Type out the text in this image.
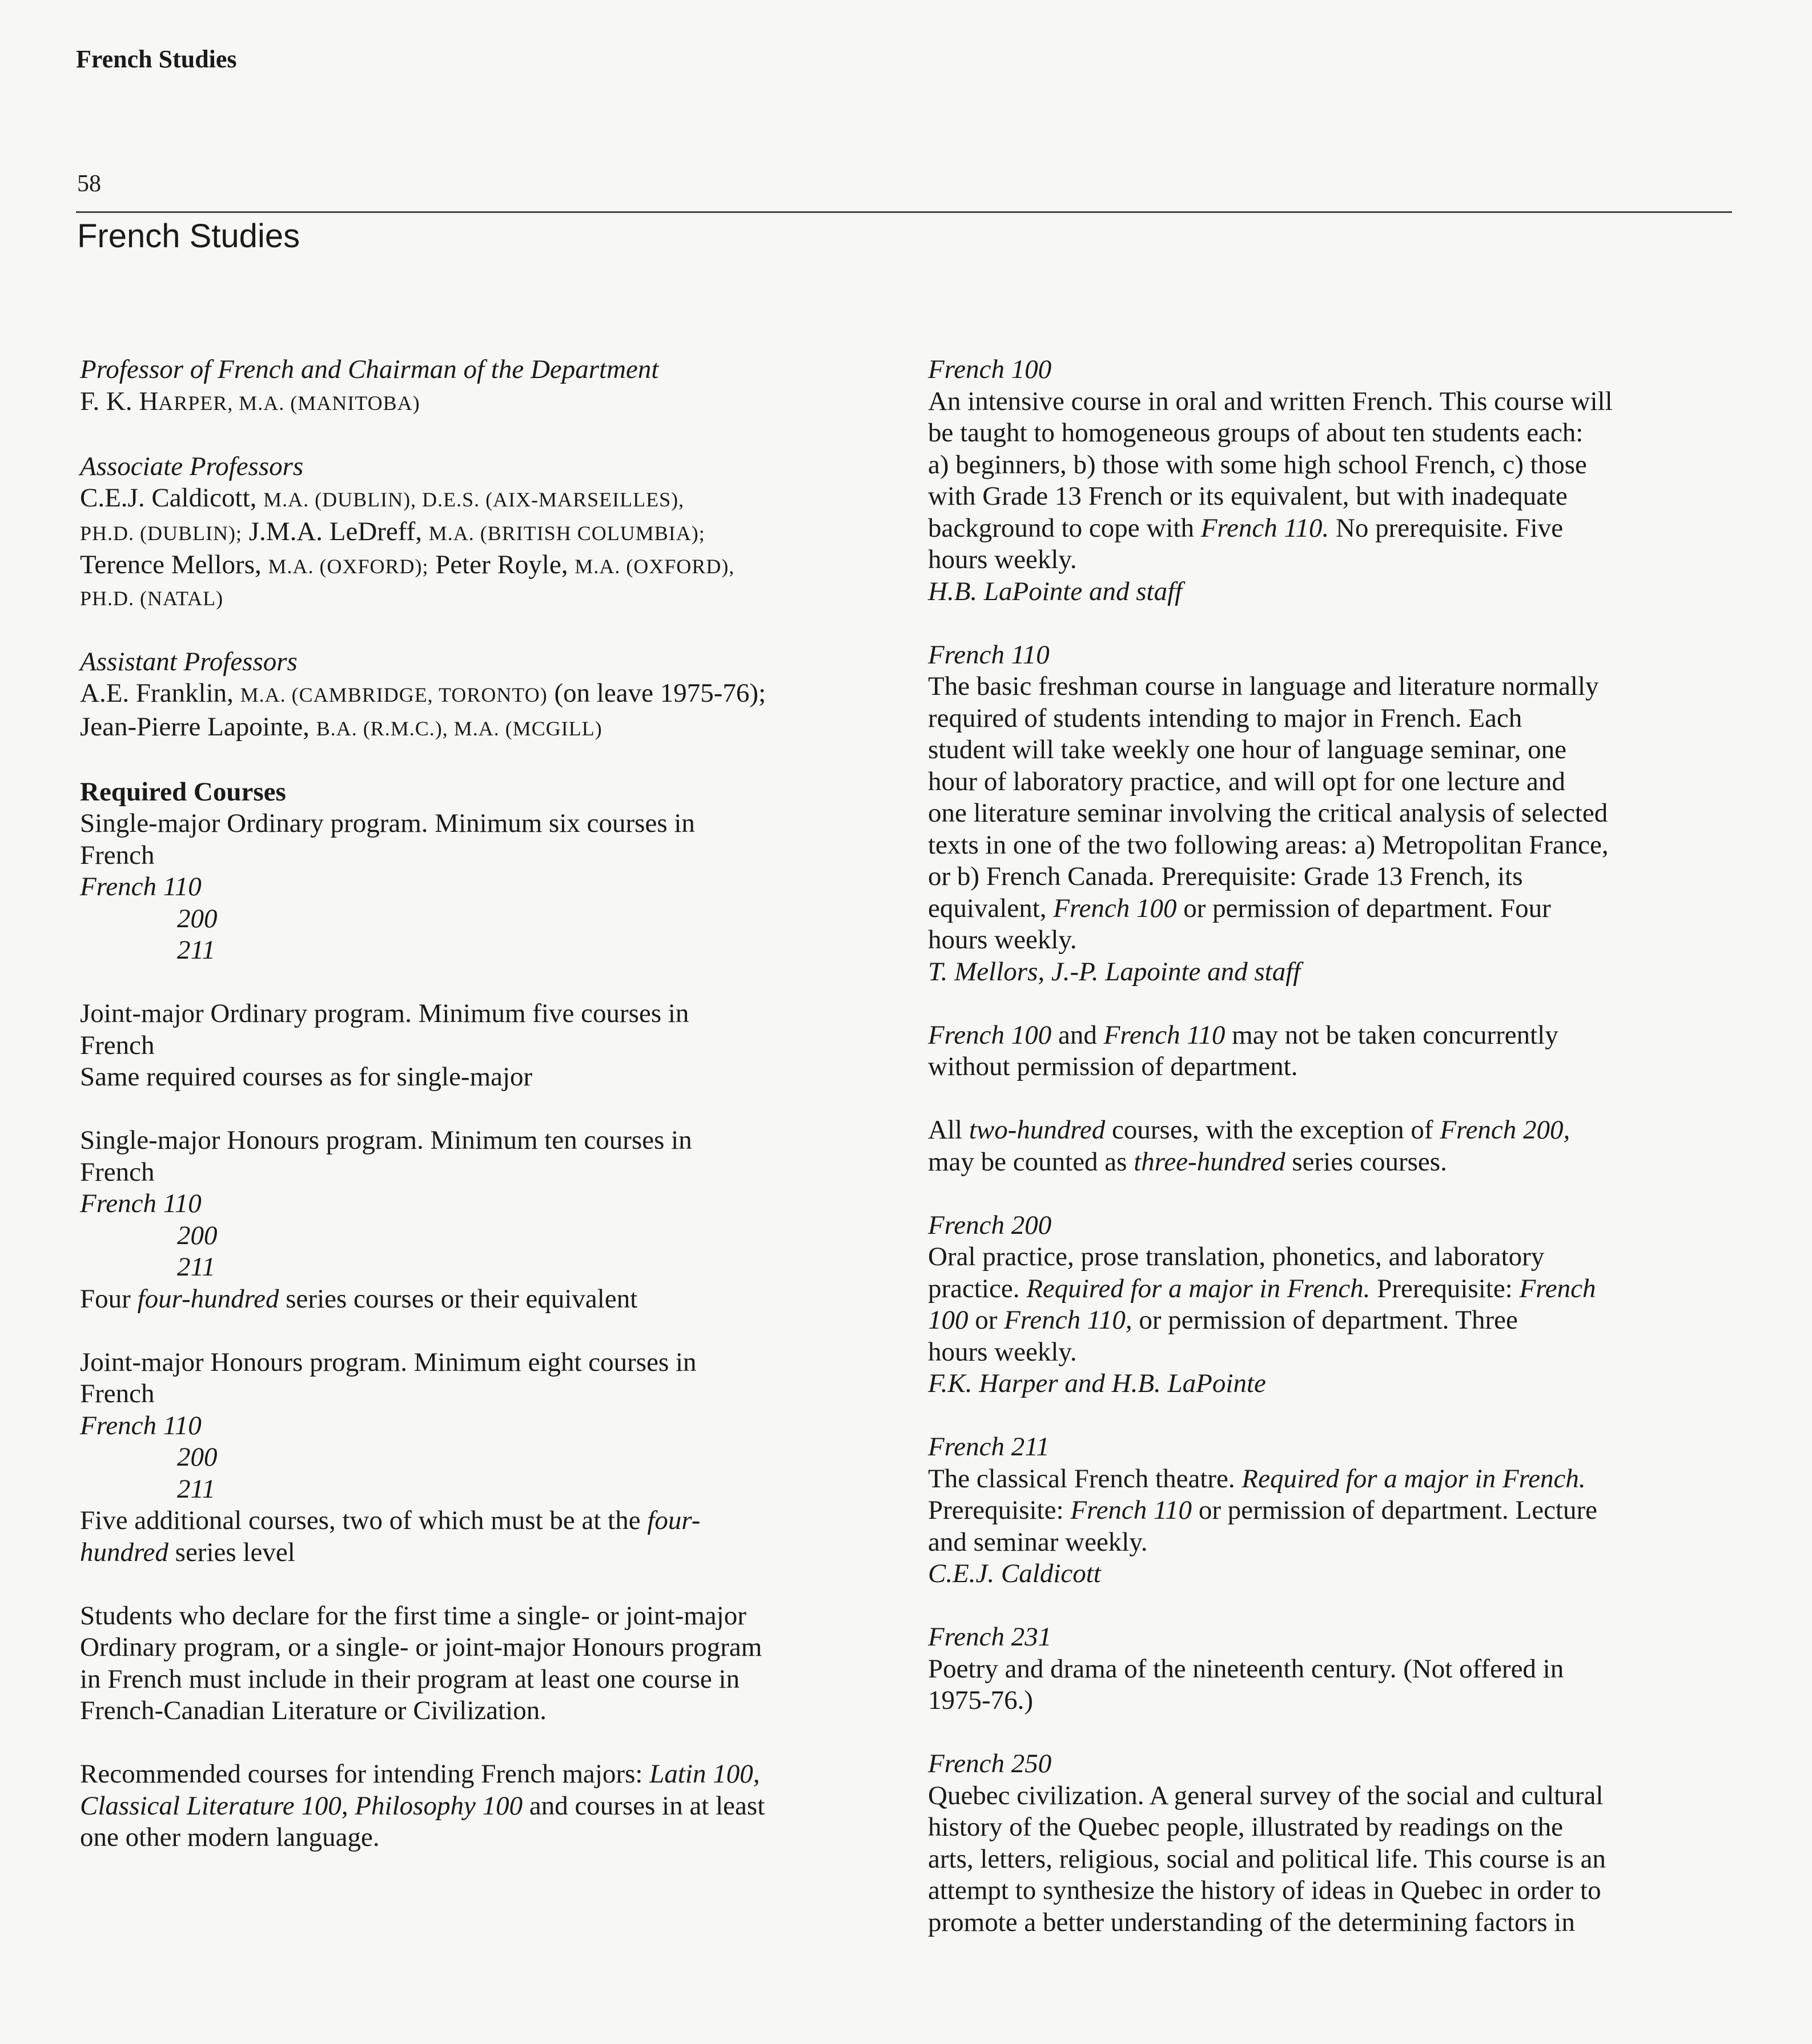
French Studies
58
French Studies
Professor of French and Chairman of the Department
F. K. HARPER, M.A. (MANITOBA)
Associate Professors
C.E.J. Caldicott, M.A. (DUBLIN), D.E.S. (AIX-MARSEILLES),
PH.D. (DUBLIN); J.M.A. LeDreff, M.A. (BRITISH COLUMBIA);
Terence Mellors, M.A. (OXFORD); Peter Royle, M.A. (OXFORD),
PH.D. (NATAL)
Assistant Professors
A.E. Franklin, M.A. (CAMBRIDGE, TORONTO) (on leave 1975-76);
Jean-Pierre Lapointe, B.A. (R.M.C.), M.A. (MCGILL)
Required Courses
Single-major Ordinary program. Minimum six courses in
French
French 110
200
211
Joint-major Ordinary program. Minimum five courses in
French
Same required courses as for single-major
Single-major Honours program. Minimum ten courses in
French
French 110
200
211
Four four-hundred series courses or their equivalent
Joint-major Honours program. Minimum eight courses in
French
French 110
200
211
Five additional courses, two of which must be at the four-
hundred series level
Students who declare for the first time a single- or joint-major
Ordinary program, or a single- or joint-major Honours program
in French must include in their program at least one course in
French-Canadian Literature or Civilization.
Recommended courses for intending French majors: Latin 100,
Classical Literature 100, Philosophy 100 and courses in at least
one other modern language.
French 100
An intensive course in oral and written French. This course will
be taught to homogeneous groups of about ten students each:
a) beginners, b) those with some high school French, c) those
with Grade 13 French or its equivalent, but with inadequate
background to cope with French 110. No prerequisite. Five
hours weekly.
H.B. LaPointe and staff
French 110
The basic freshman course in language and literature normally
required of students intending to major in French. Each
student will take weekly one hour of language seminar, one
hour of laboratory practice, and will opt for one lecture and
one literature seminar involving the critical analysis of selected
texts in one of the two following areas: a) Metropolitan France,
or b) French Canada. Prerequisite: Grade 13 French, its
equivalent, French 100 or permission of department. Four
hours weekly.
T. Mellors, J.-P. Lapointe and staff
French 100 and French 110 may not be taken concurrently
without permission of department.
All two-hundred courses, with the exception of French 200,
may be counted as three-hundred series courses.
French 200
Oral practice, prose translation, phonetics, and laboratory
practice. Required for a major in French. Prerequisite: French
100 or French 110, or permission of department. Three
hours weekly.
F.K. Harper and H.B. LaPointe
French 211
The classical French theatre. Required for a major in French.
Prerequisite: French 110 or permission of department. Lecture
and seminar weekly.
C.E.J. Caldicott
French 231
Poetry and drama of the nineteenth century. (Not offered in
1975-76.)
French 250
Quebec civilization. A general survey of the social and cultural
history of the Quebec people, illustrated by readings on the
arts, letters, religious, social and political life. This course is an
attempt to synthesize the history of ideas in Quebec in order to
promote a better understanding of the determining factors in
